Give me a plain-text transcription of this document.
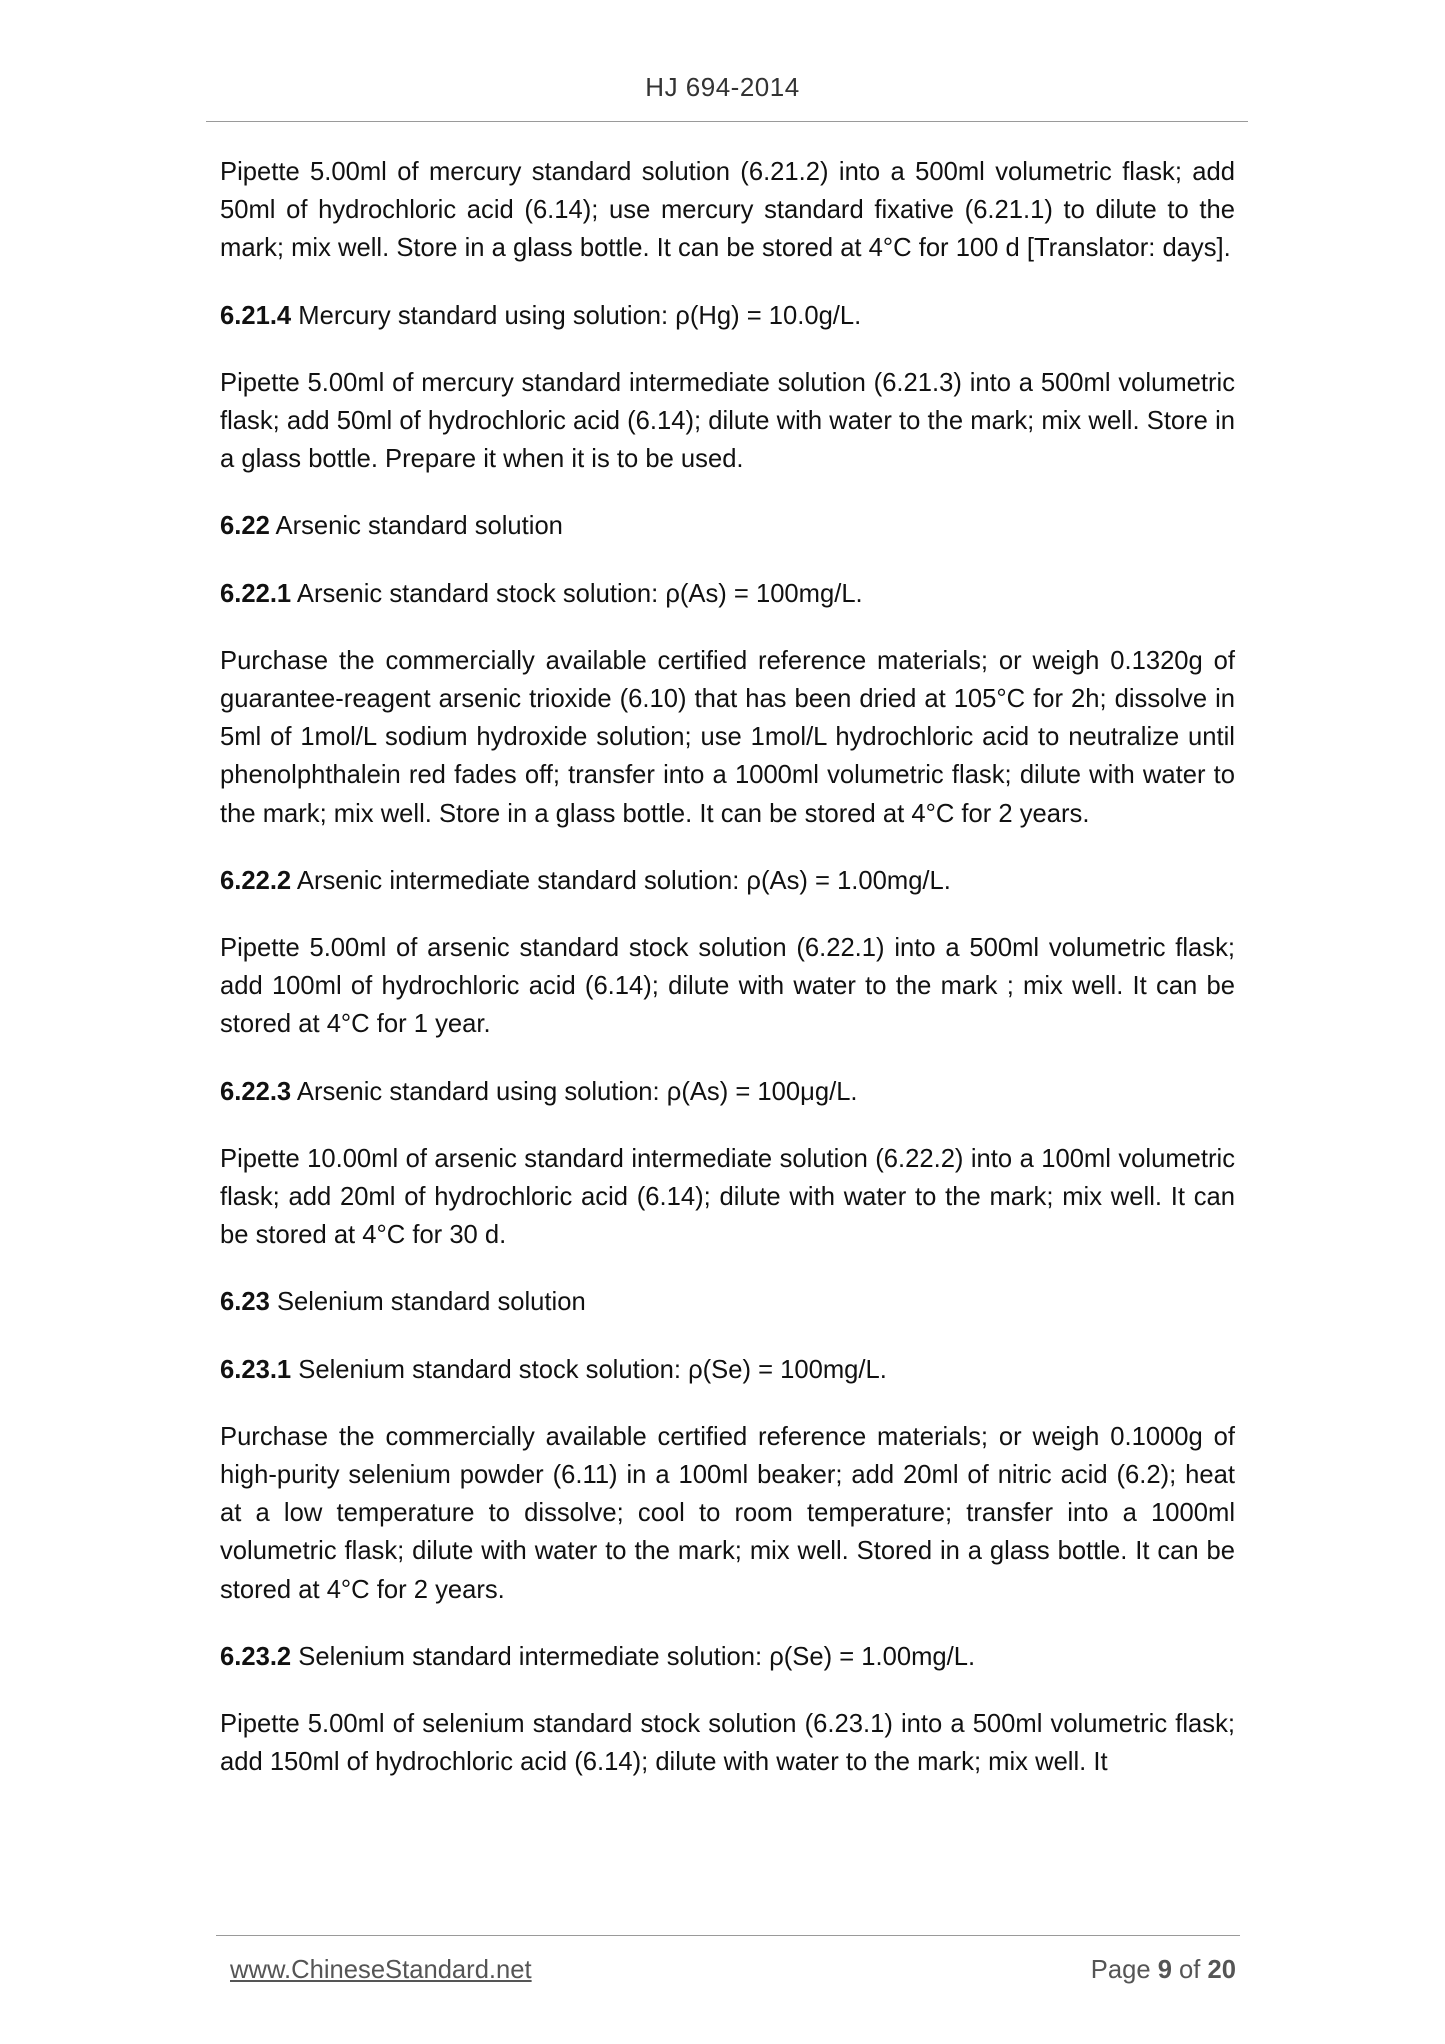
HJ 694-2014

Pipette 5.00ml of mercury standard solution (6.21.2) into a 500ml volumetric flask; add 50ml of hydrochloric acid (6.14); use mercury standard fixative (6.21.1) to dilute to the mark; mix well. Store in a glass bottle. It can be stored at 4°C for 100 d [Translator: days].

6.21.4 Mercury standard using solution: ρ(Hg) = 10.0g/L.

Pipette 5.00ml of mercury standard intermediate solution (6.21.3) into a 500ml volumetric flask; add 50ml of hydrochloric acid (6.14); dilute with water to the mark; mix well. Store in a glass bottle. Prepare it when it is to be used.

6.22 Arsenic standard solution

6.22.1 Arsenic standard stock solution: ρ(As) = 100mg/L.

Purchase the commercially available certified reference materials; or weigh 0.1320g of guarantee-reagent arsenic trioxide (6.10) that has been dried at 105°C for 2h; dissolve in 5ml of 1mol/L sodium hydroxide solution; use 1mol/L hydrochloric acid to neutralize until phenolphthalein red fades off; transfer into a 1000ml volumetric flask; dilute with water to the mark; mix well. Store in a glass bottle. It can be stored at 4°C for 2 years.

6.22.2 Arsenic intermediate standard solution: ρ(As) = 1.00mg/L.

Pipette 5.00ml of arsenic standard stock solution (6.22.1) into a 500ml volumetric flask; add 100ml of hydrochloric acid (6.14); dilute with water to the mark ; mix well. It can be stored at 4°C for 1 year.

6.22.3 Arsenic standard using solution: ρ(As) = 100μg/L.

Pipette 10.00ml of arsenic standard intermediate solution (6.22.2) into a 100ml volumetric flask; add 20ml of hydrochloric acid (6.14); dilute with water to the mark; mix well. It can be stored at 4°C for 30 d.

6.23 Selenium standard solution

6.23.1 Selenium standard stock solution: ρ(Se) = 100mg/L.

Purchase the commercially available certified reference materials; or weigh 0.1000g of high-purity selenium powder (6.11) in a 100ml beaker; add 20ml of nitric acid (6.2); heat at a low temperature to dissolve; cool to room temperature; transfer into a 1000ml volumetric flask; dilute with water to the mark; mix well. Stored in a glass bottle. It can be stored at 4°C for 2 years.

6.23.2 Selenium standard intermediate solution: ρ(Se) = 1.00mg/L.

Pipette 5.00ml of selenium standard stock solution (6.23.1) into a 500ml volumetric flask; add 150ml of hydrochloric acid (6.14); dilute with water to the mark; mix well. It

www.ChineseStandard.net	Page 9 of 20
